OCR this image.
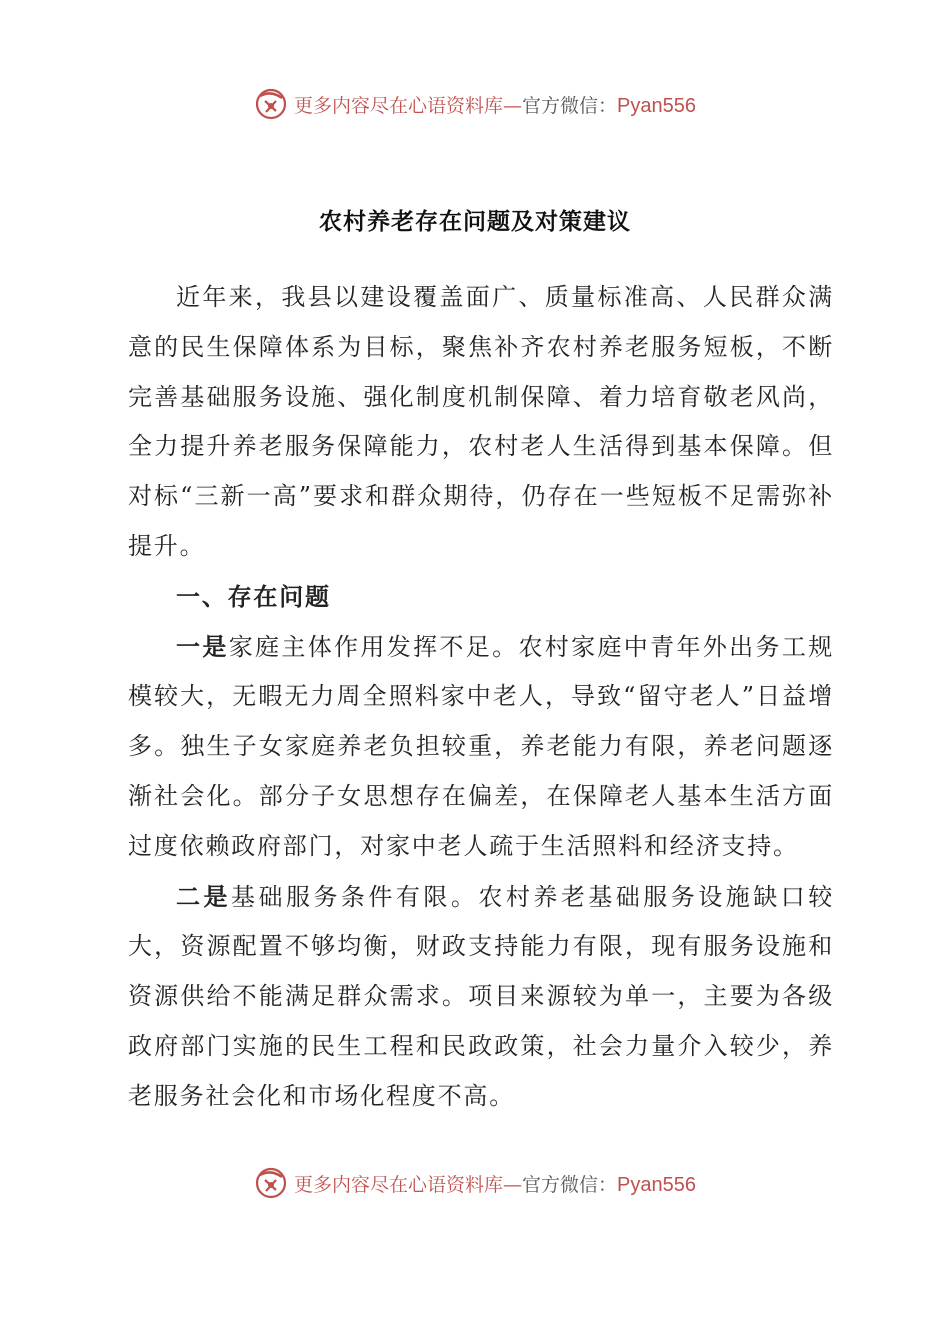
更多内容尽在心语资料库—官方微信：Pyan556
农村养老存在问题及对策建议

近年来，我县以建设覆盖面广、质量标准高、人民群众满意的民生保障体系为目标，聚焦补齐农村养老服务短板，不断完善基础服务设施、强化制度机制保障、着力培育敬老风尚，全力提升养老服务保障能力，农村老人生活得到基本保障。但对标“三新一高”要求和群众期待，仍存在一些短板不足需弥补提升。

一、存在问题

一是家庭主体作用发挥不足。农村家庭中青年外出务工规模较大，无暇无力周全照料家中老人，导致“留守老人”日益增多。独生子女家庭养老负担较重，养老能力有限，养老问题逐渐社会化。部分子女思想存在偏差，在保障老人基本生活方面过度依赖政府部门，对家中老人疏于生活照料和经济支持。

二是基础服务条件有限。农村养老基础服务设施缺口较大，资源配置不够均衡，财政支持能力有限，现有服务设施和资源供给不能满足群众需求。项目来源较为单一，主要为各级政府部门实施的民生工程和民政政策，社会力量介入较少，养老服务社会化和市场化程度不高。

更多内容尽在心语资料库—官方微信：Pyan556
